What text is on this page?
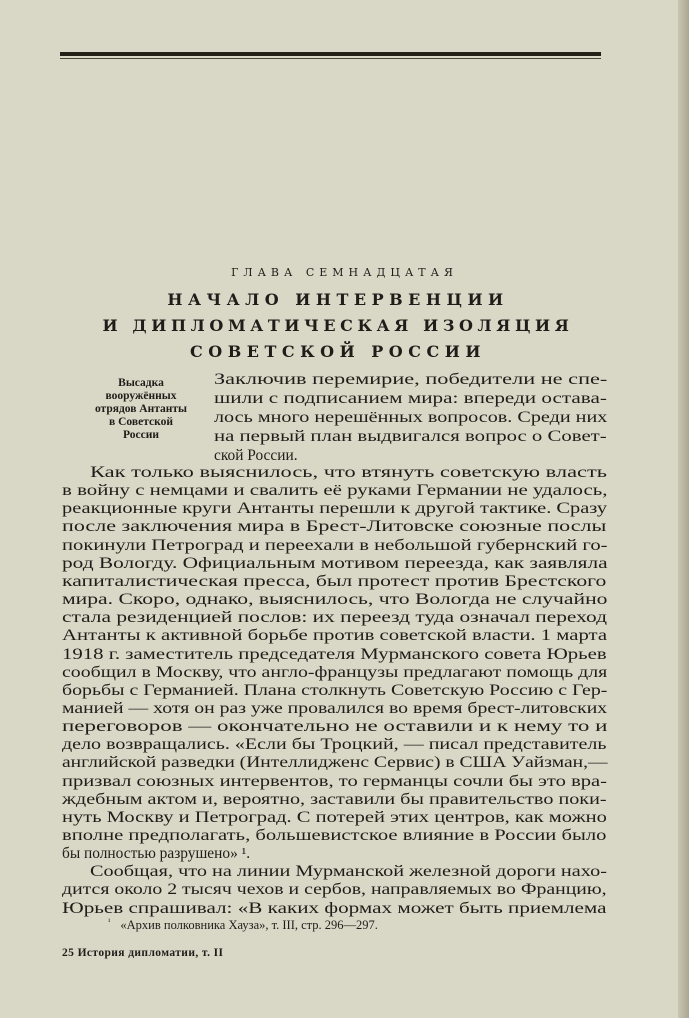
ГЛАВА СЕМНАДЦАТАЯ
НАЧАЛО ИНТЕРВЕНЦИИ
И ДИПЛОМАТИЧЕСКАЯ ИЗОЛЯЦИЯ
СОВЕТСКОЙ РОССИИ
Высадка
вооружённых
отрядов Антанты
в Советской
России
Заключив перемирие, победители не спе-
шили с подписанием мира: впереди остава-
лось много нерешённых вопросов. Среди них
на первый план выдвигался вопрос о Совет-
ской России.
Как только выяснилось, что втянуть советскую власть
в войну с немцами и свалить её руками Германии не удалось,
реакционные круги Антанты перешли к другой тактике. Сразу
после заключения мира в Брест-Литовске союзные послы
покинули Петроград и переехали в небольшой губернский го-
род Вологду. Официальным мотивом переезда, как заявляла
капиталистическая пресса, был протест против Брестского
мира. Скоро, однако, выяснилось, что Вологда не случайно
стала резиденцией послов: их переезд туда означал переход
Антанты к активной борьбе против советской власти. 1 марта
1918 г. заместитель председателя Мурманского совета Юрьев
сообщил в Москву, что англо-французы предлагают помощь для
борьбы с Германией. Плана столкнуть Советскую Россию с Гер-
манией — хотя он раз уже провалился во время брест-литовских
переговоров — окончательно не оставили и к нему то и
дело возвращались. «Если бы Троцкий, — писал представитель
английской разведки (Интеллидженс Сервис) в США Уайзман,—
призвал союзных интервентов, то германцы сочли бы это вра-
ждебным актом и, вероятно, заставили бы правительство поки-
нуть Москву и Петроград. С потерей этих центров, как можно
вполне предполагать, большевистское влияние в России было
бы полностью разрушено» ¹.
Сообщая, что на линии Мурманской железной дороги нахо-
дится около 2 тысяч чехов и сербов, направляемых во Францию,
Юрьев спрашивал: «В каких формах может быть приемлема
$^{^1}$ «Архив полковника Хауза», т. III, стр. 296—297.
25 История дипломатии, т. II
